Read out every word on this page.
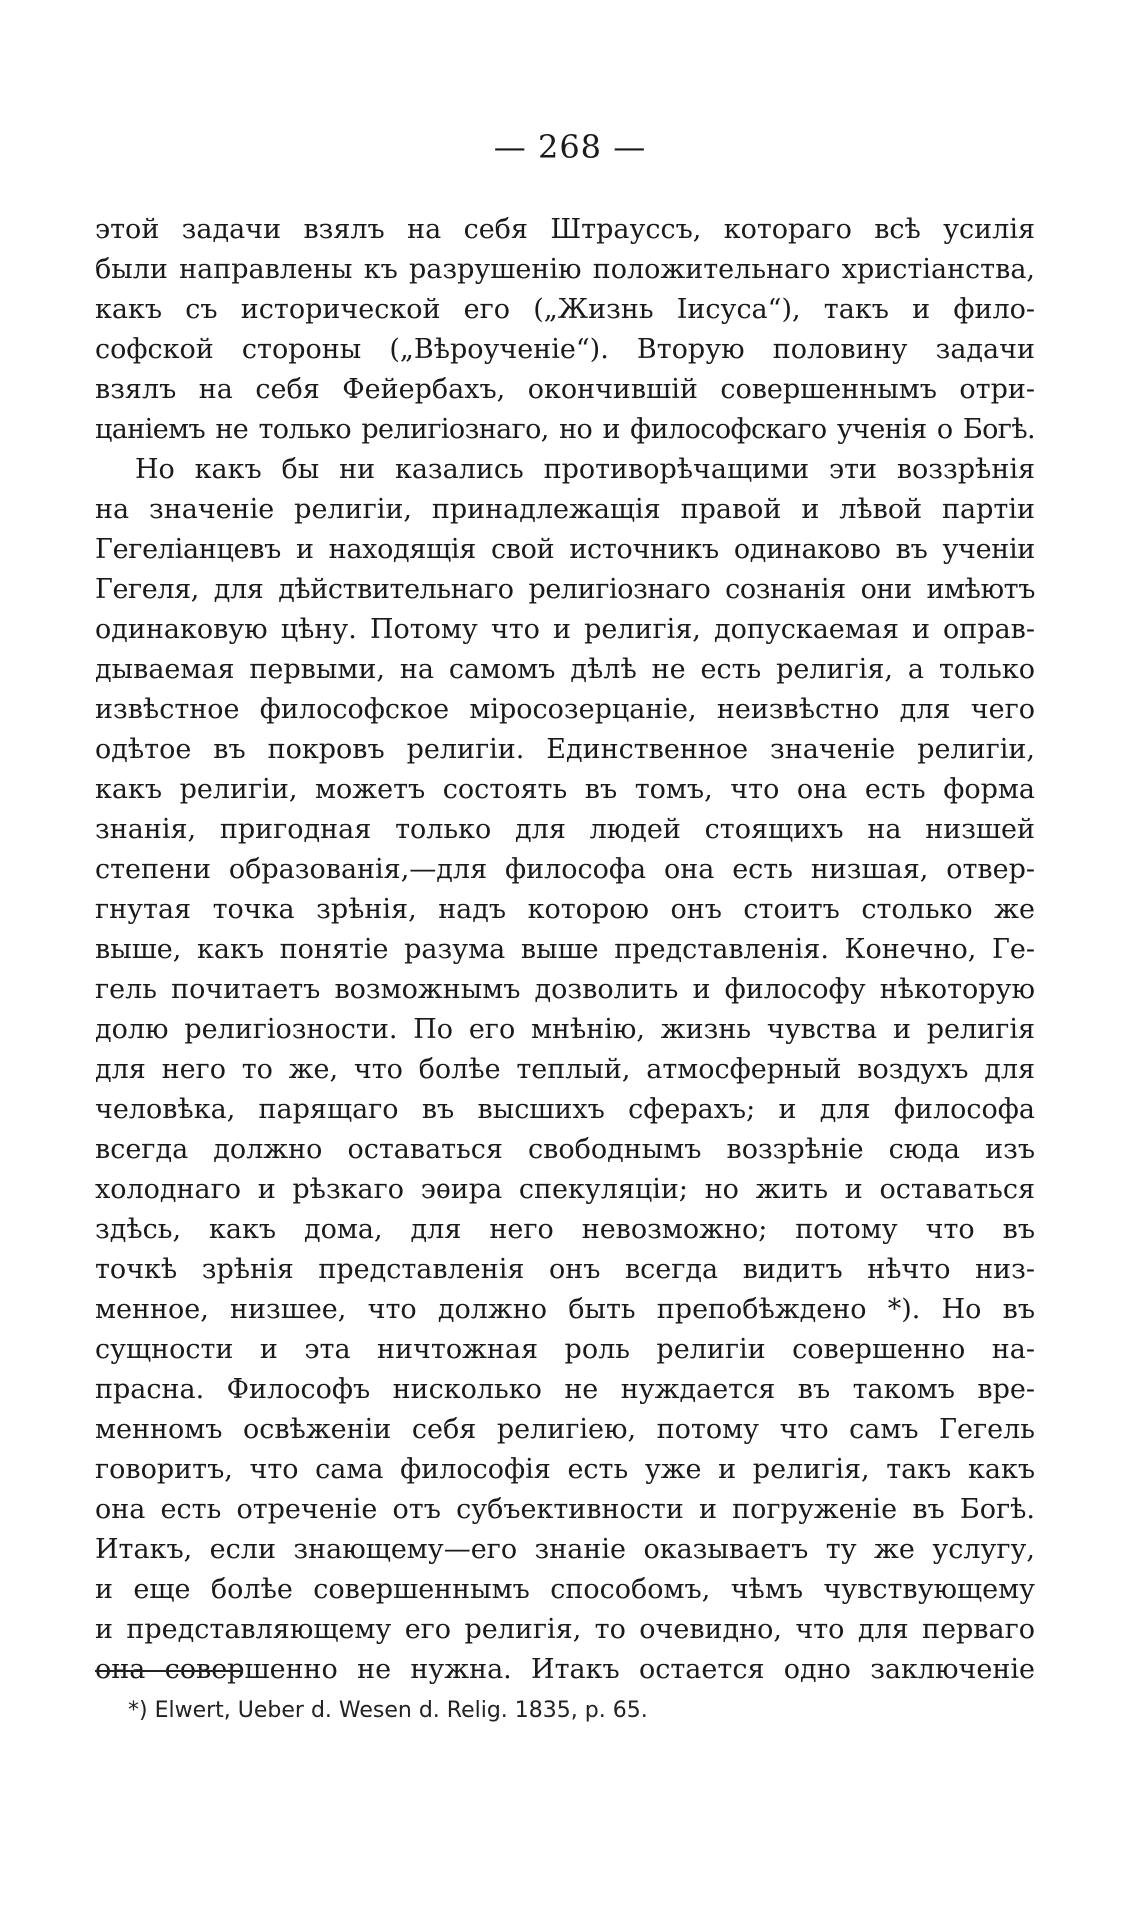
— 268 —
этой задачи взялъ на себя Штрауссъ, котораго всѣ усилія
были направлены къ разрушенію положительнаго христіанства,
какъ съ исторической его („Жизнь Іисуса“), такъ и фило-
софской стороны („Вѣроученіе“). Вторую половину задачи
взялъ на себя Фейербахъ, окончившій совершеннымъ отри-
цаніемъ не только религіознаго, но и философскаго ученія о Богѣ.
Но какъ бы ни казались противорѣчащими эти воззрѣнія
на значеніе религіи, принадлежащія правой и лѣвой партіи
Гегеліанцевъ и находящія свой источникъ одинаково въ ученіи
Гегеля, для дѣйствительнаго религіознаго сознанія они имѣютъ
одинаковую цѣну. Потому что и религія, допускаемая и оправ-
дываемая первыми, на самомъ дѣлѣ не есть религія, а только
извѣстное философское міросозерцаніе, неизвѣстно для чего
одѣтое въ покровъ религіи. Единственное значеніе религіи,
какъ религіи, можетъ состоять въ томъ, что она есть форма
знанія, пригодная только для людей стоящихъ на низшей
степени образованія,—для философа она есть низшая, отвер-
гнутая точка зрѣнія, надъ которою онъ стоитъ столько же
выше, какъ понятіе разума выше представленія. Конечно, Ге-
гель почитаетъ возможнымъ дозволить и философу нѣкоторую
долю религіозности. По его мнѣнію, жизнь чувства и религія
для него то же, что болѣе теплый, атмосферный воздухъ для
человѣка, парящаго въ высшихъ сферахъ; и для философа
всегда должно оставаться свободнымъ воззрѣніе сюда изъ
холоднаго и рѣзкаго эѳира спекуляціи; но жить и оставаться
здѣсь, какъ дома, для него невозможно; потому что въ
точкѣ зрѣнія представленія онъ всегда видитъ нѣчто низ-
менное, низшее, что должно быть препобѣждено *). Но въ
сущности и эта ничтожная роль религіи совершенно на-
прасна. Философъ нисколько не нуждается въ такомъ вре-
менномъ освѣженіи себя религіею, потому что самъ Гегель
говоритъ, что сама философія есть уже и религія, такъ какъ
она есть отреченіе отъ субъективности и погруженіе въ Богѣ.
Итакъ, если знающему—его знаніе оказываетъ ту же услугу,
и еще болѣе совершеннымъ способомъ, чѣмъ чувствующему
и представляющему его религія, то очевидно, что для перваго
она совершенно не нужна. Итакъ остается одно заключеніе
*) Elwert, Ueber d. Wesen d. Relig. 1835, p. 65.
